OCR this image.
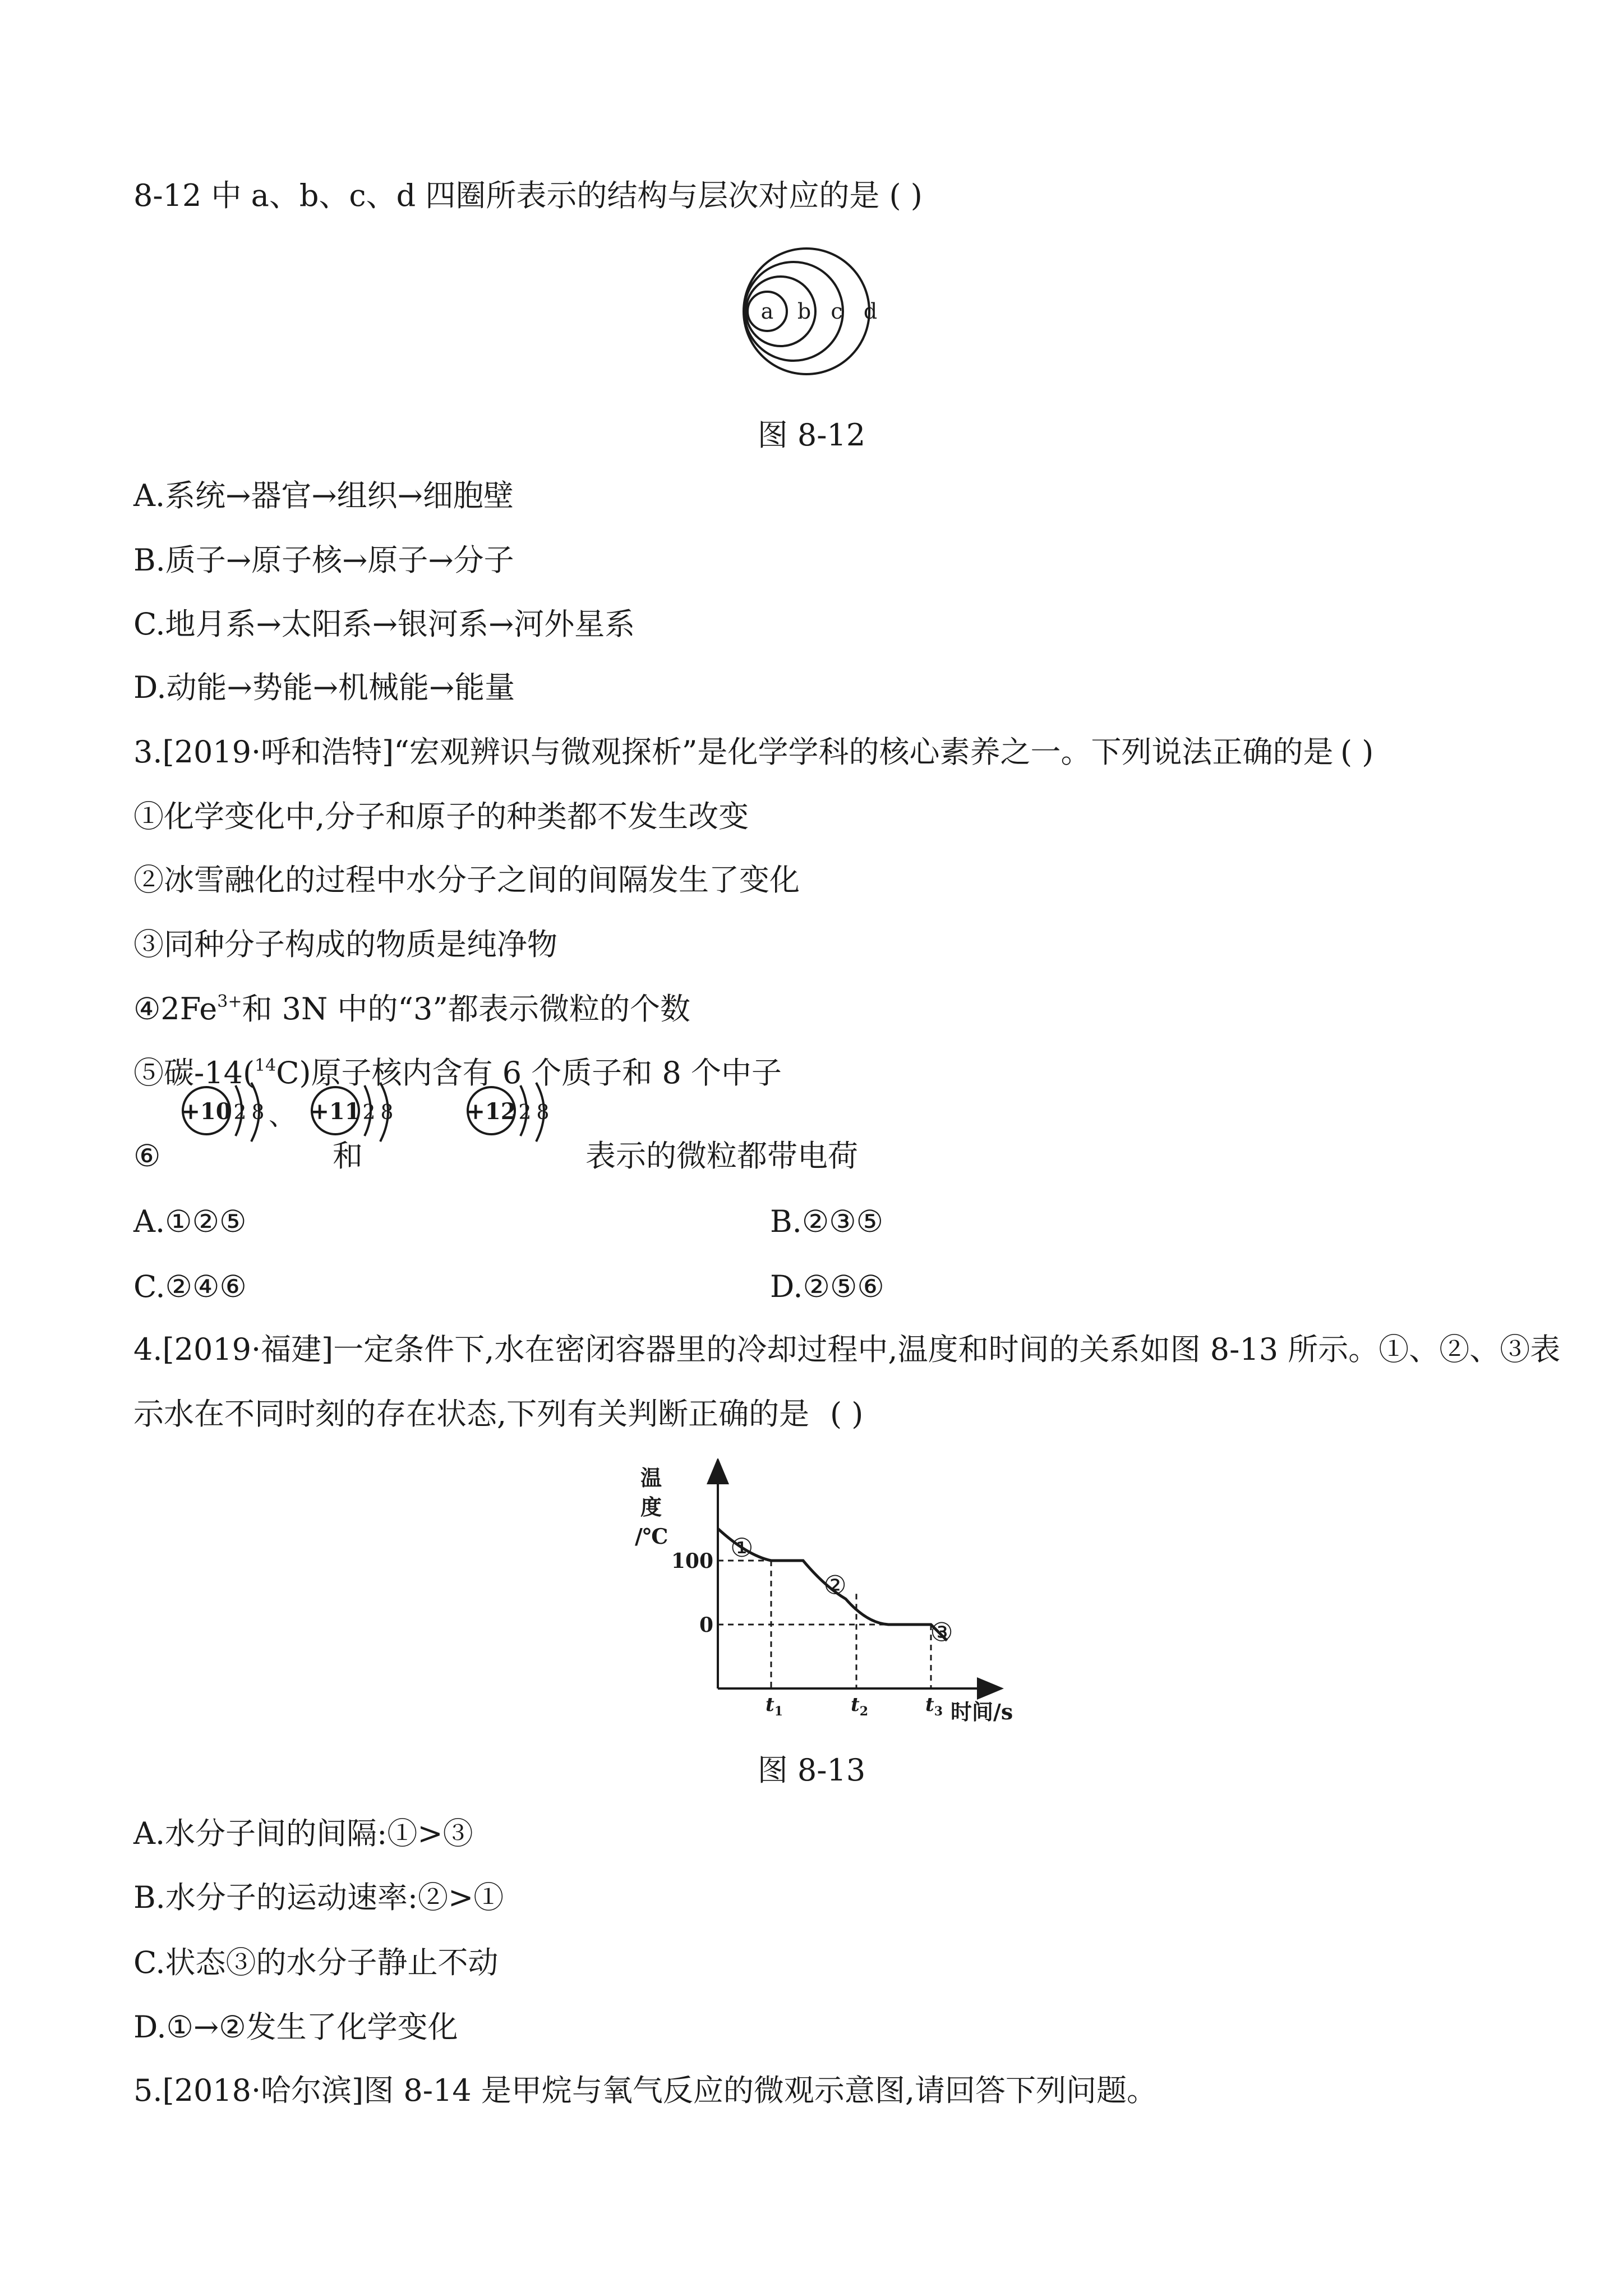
8-12 中 a、b、c、d 四圈所表示的结构与层次对应的是 ( )

a b c d

图 8-12

A.系统→器官→组织→细胞壁

B.质子→原子核→原子→分子

C.地月系→太阳系→银河系→河外星系

D.动能→势能→机械能→能量

3.[2019·呼和浩特]“宏观辨识与微观探析”是化学学科的核心素养之一。下列说法正确的是 ( )

①化学变化中,分子和原子的种类都不发生改变

②冰雪融化的过程中水分子之间的间隔发生了变化

③同种分子构成的物质是纯净物

$④2Fe^{3+}$和 3N 中的“3”都表示微粒的个数

⑤碳-14($^{14}$C)原子核内含有 6 个质子和 8 个中子

⑥
+10 2 8 、 +11 2 8	+12 2 8
和	表示的微粒都带电荷

A.①②⑤	B.②③⑤

C.②④⑥	D.②⑤⑥

4.[2019·福建]一定条件下,水在密闭容器里的冷却过程中,温度和时间的关系如图 8-13 所示。①、②、③表

示水在不同时刻的存在状态,下列有关判断正确的是 ( )
温
度
/℃
100
0
$t_1$	$t_2$	$t_3$
①
②
③
时间/s

图 8-13

A.水分子间的间隔:①>③

B.水分子的运动速率:②>①

C.状态③的水分子静止不动

D.①→②发生了化学变化

5.[2018·哈尔滨]图 8-14 是甲烷与氧气反应的微观示意图,请回答下列问题。
